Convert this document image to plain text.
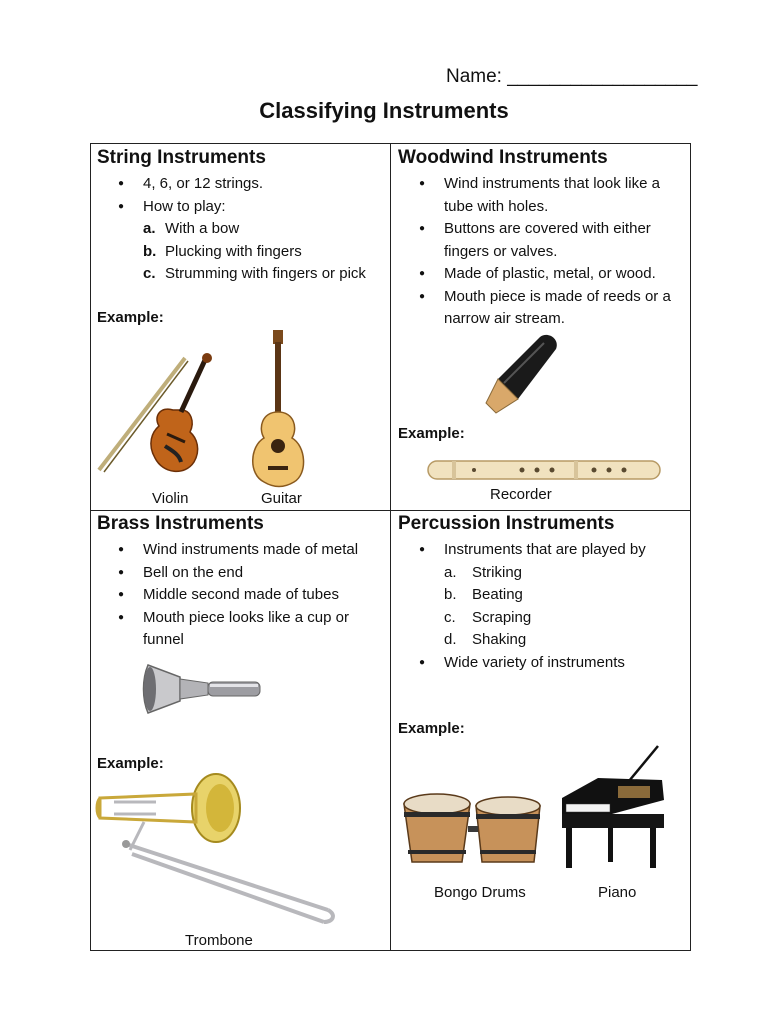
Name: __________________
Classifying Instruments
String Instruments
● 4, 6, or 12 strings.
● How to play:
a. With a bow
b. Plucking with fingers
c. Strumming with fingers or pick
Example:
Violin	Guitar
Woodwind Instruments
● Wind instruments that look like a tube with holes.
● Buttons are covered with either fingers or valves.
● Made of plastic, metal, or wood.
● Mouth piece is made of reeds or a narrow air stream.
Example:
Recorder
Brass Instruments
● Wind instruments made of metal
● Bell on the end
● Middle second made of tubes
● Mouth piece looks like a cup or funnel
Example:
Trombone
Percussion Instruments
● Instruments that are played by
a. Striking
b. Beating
c. Scraping
d. Shaking
● Wide variety of instruments
Example:
Bongo Drums	Piano
